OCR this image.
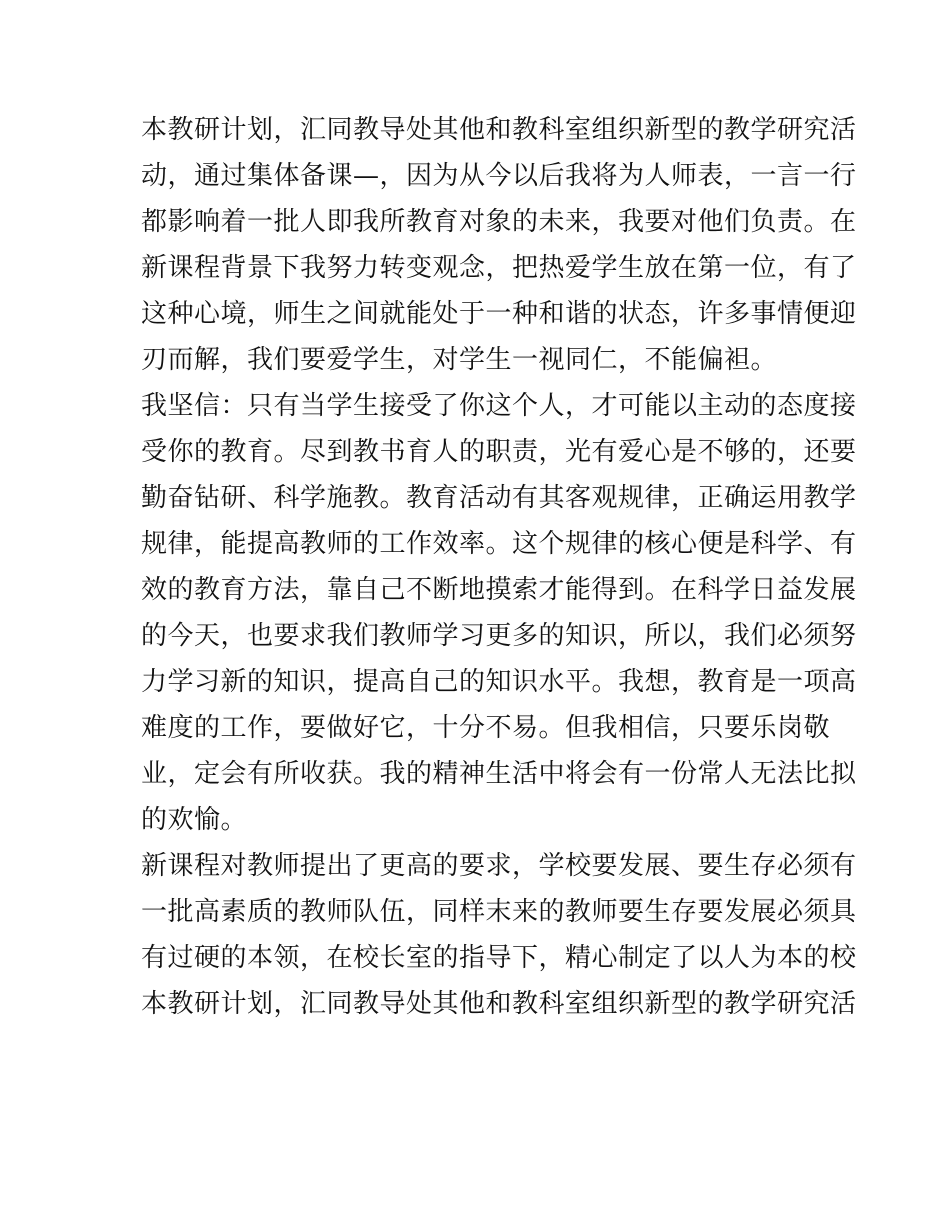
本教研计划，汇同教导处其他和教科室组织新型的教学研究活
动，通过集体备课—，因为从今以后我将为人师表，一言一行
都影响着一批人即我所教育对象的未来，我要对他们负责。在
新课程背景下我努力转变观念，把热爱学生放在第一位，有了
这种心境，师生之间就能处于一种和谐的状态，许多事情便迎
刃而解，我们要爱学生，对学生一视同仁，不能偏袒。
我坚信：只有当学生接受了你这个人，才可能以主动的态度接
受你的教育。尽到教书育人的职责，光有爱心是不够的，还要
勤奋钻研、科学施教。教育活动有其客观规律，正确运用教学
规律，能提高教师的工作效率。这个规律的核心便是科学、有
效的教育方法，靠自己不断地摸索才能得到。在科学日益发展
的今天，也要求我们教师学习更多的知识，所以，我们必须努
力学习新的知识，提高自己的知识水平。我想，教育是一项高
难度的工作，要做好它，十分不易。但我相信，只要乐岗敬
业，定会有所收获。我的精神生活中将会有一份常人无法比拟
的欢愉。
新课程对教师提出了更高的要求，学校要发展、要生存必须有
一批高素质的教师队伍，同样末来的教师要生存要发展必须具
有过硬的本领，在校长室的指导下，精心制定了以人为本的校
本教研计划，汇同教导处其他和教科室组织新型的教学研究活
